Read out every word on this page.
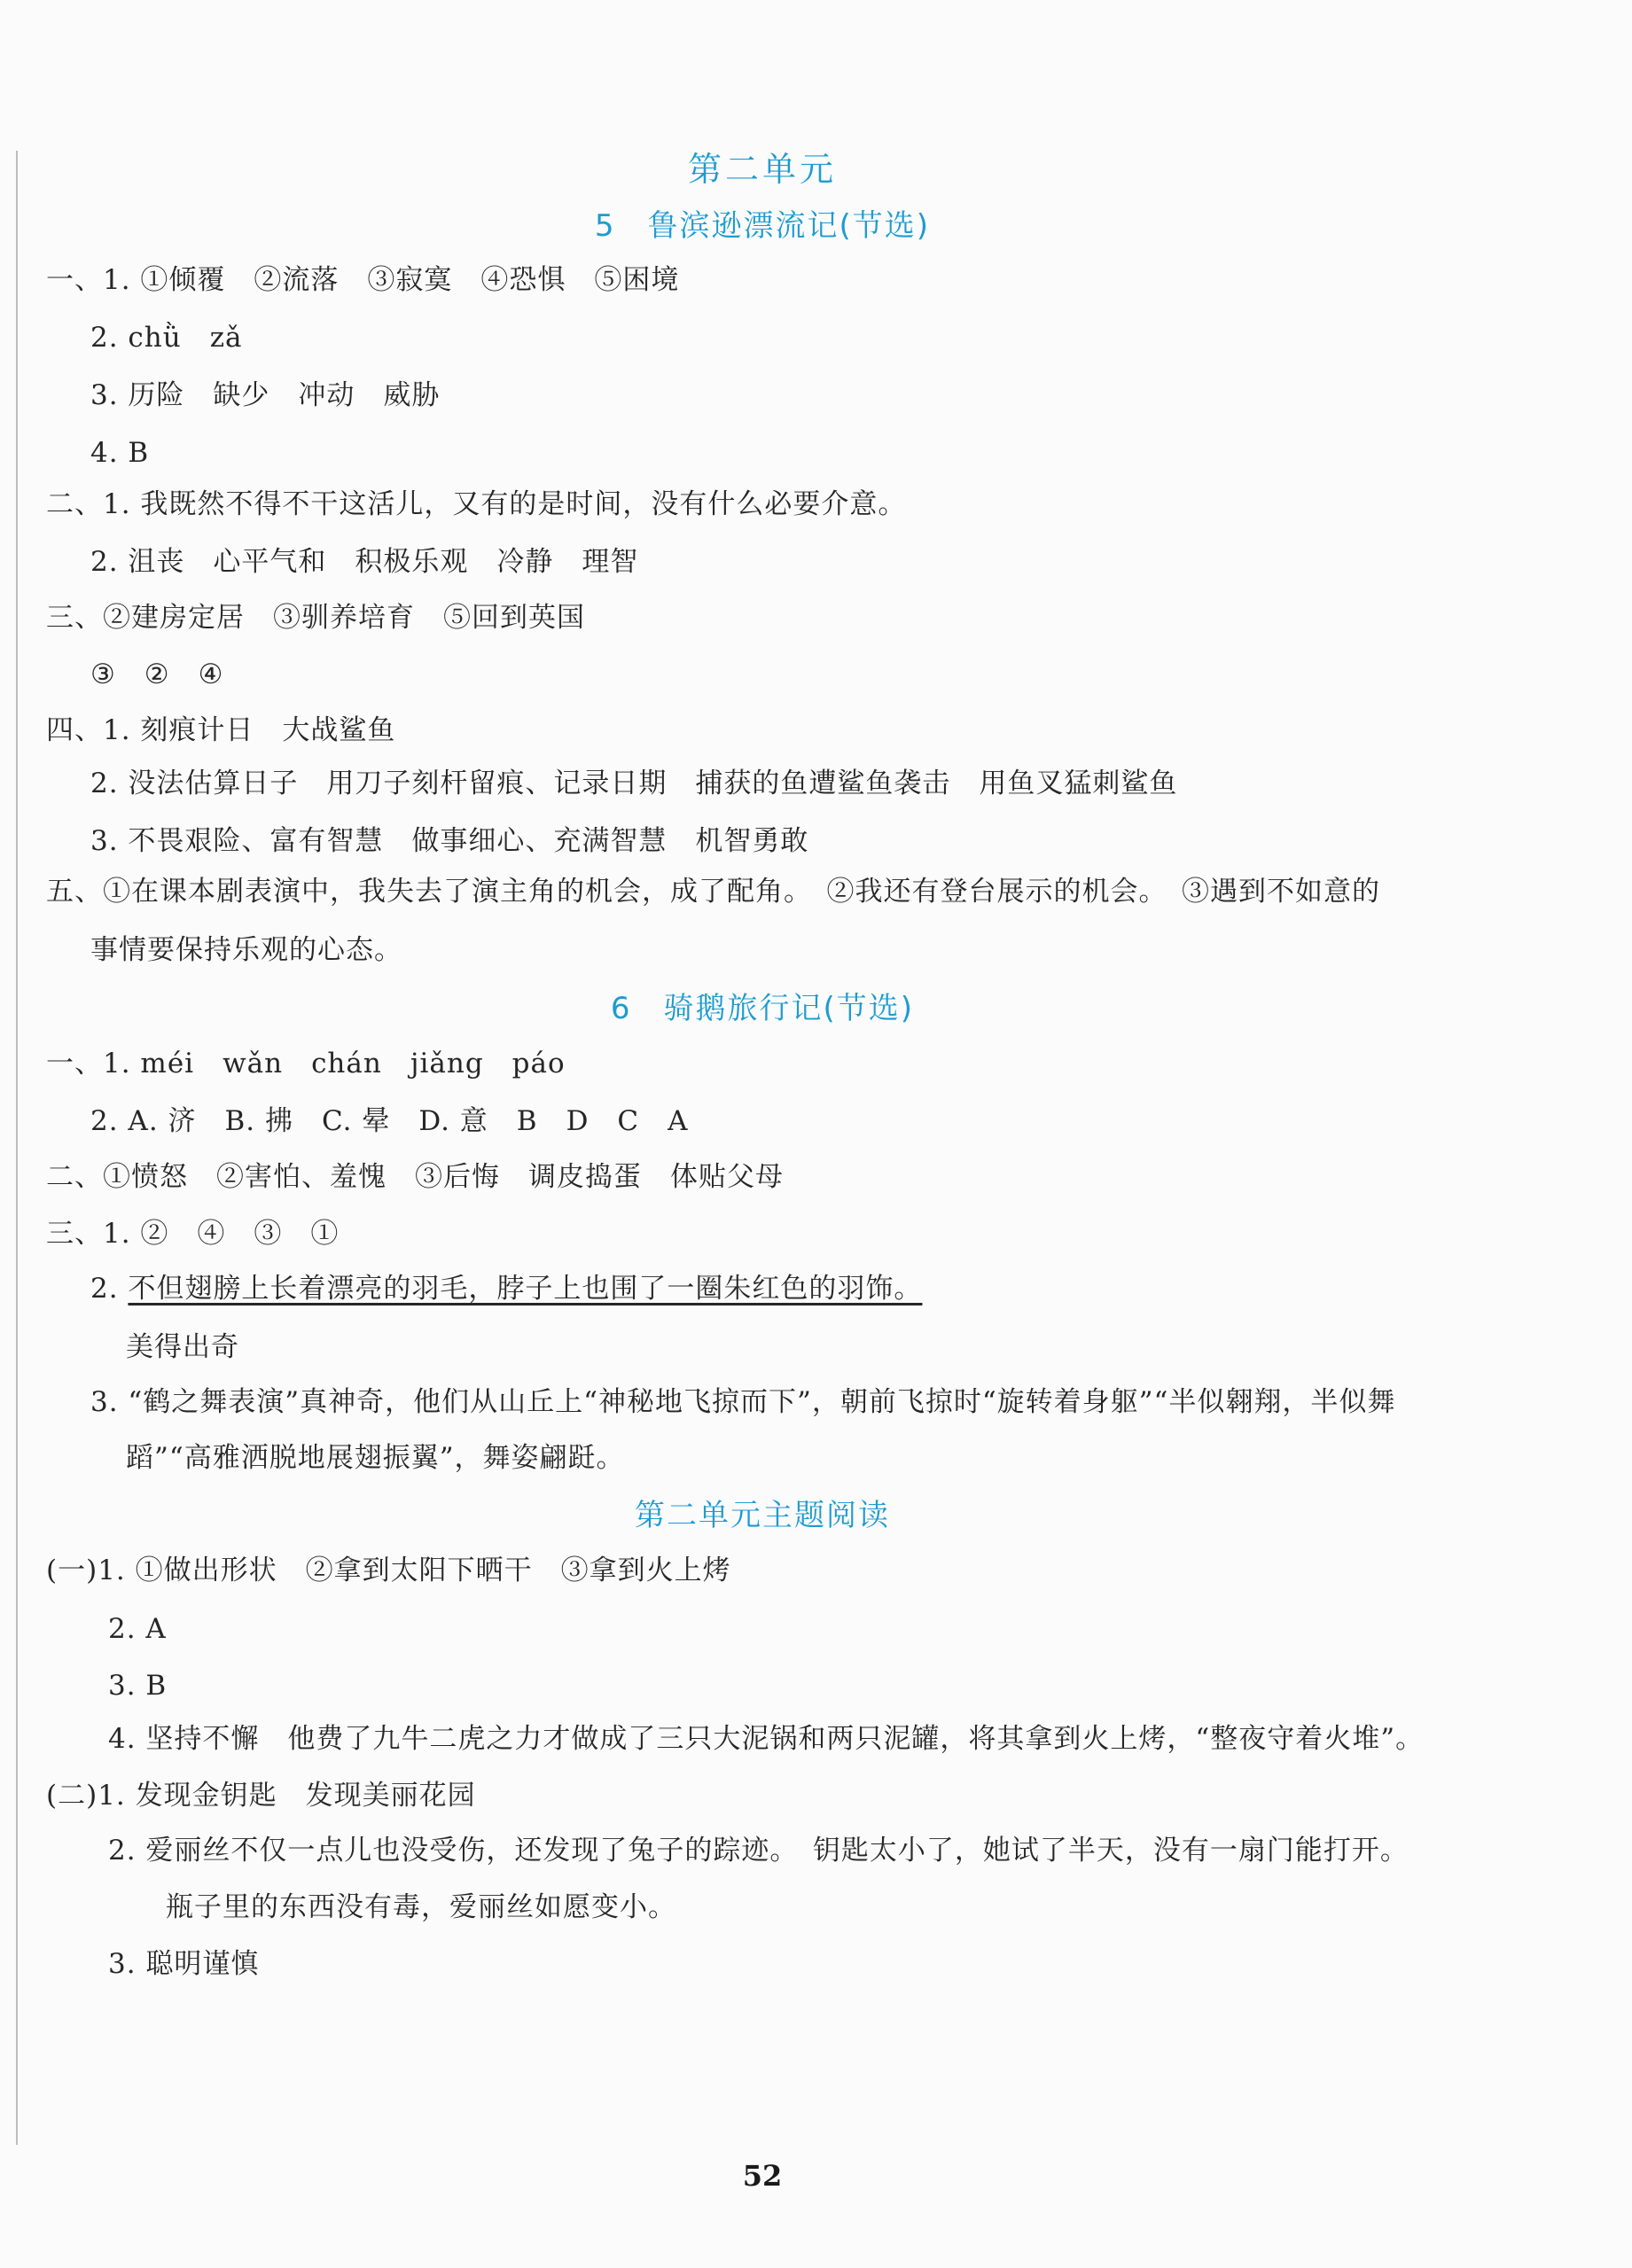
第二单元
5　鲁滨逊漂流记(节选)
一、1. ①倾覆　②流落　③寂寞　④恐惧　⑤困境
2. chǜ　zǎ
3. 历险　缺少　冲动　威胁
4. B
二、1. 我既然不得不干这活儿，又有的是时间，没有什么必要介意。
2. 沮丧　心平气和　积极乐观　冷静　理智
三、②建房定居　③驯养培育　⑤回到英国
③　②　④
四、1. 刻痕计日　大战鲨鱼
2. 没法估算日子　用刀子刻杆留痕、记录日期　捕获的鱼遭鲨鱼袭击　用鱼叉猛刺鲨鱼
3. 不畏艰险、富有智慧　做事细心、充满智慧　机智勇敢
五、①在课本剧表演中，我失去了演主角的机会，成了配角。　②我还有登台展示的机会。　③遇到不如意的
事情要保持乐观的心态。
6　骑鹅旅行记(节选)
一、1. méi　wǎn　chán　jiǎng　páo
2. A. 济　B. 拂　C. 晕　D. 意　B　D　C　A
二、①愤怒　②害怕、羞愧　③后悔　调皮捣蛋　体贴父母
三、1. ②　④　③　①
2. 不但翅膀上长着漂亮的羽毛，脖子上也围了一圈朱红色的羽饰。
美得出奇
3. “鹤之舞表演”真神奇，他们从山丘上“神秘地飞掠而下”，朝前飞掠时“旋转着身躯”“半似翱翔，半似舞
蹈”“高雅洒脱地展翅振翼”，舞姿翩跹。
第二单元主题阅读
(一)1. ①做出形状　②拿到太阳下晒干　③拿到火上烤
2. A
3. B
4. 坚持不懈　他费了九牛二虎之力才做成了三只大泥锅和两只泥罐，将其拿到火上烤，“整夜守着火堆”。
(二)1. 发现金钥匙　发现美丽花园
2. 爱丽丝不仅一点儿也没受伤，还发现了兔子的踪迹。　钥匙太小了，她试了半天，没有一扇门能打开。
瓶子里的东西没有毒，爱丽丝如愿变小。
3. 聪明谨慎
52
